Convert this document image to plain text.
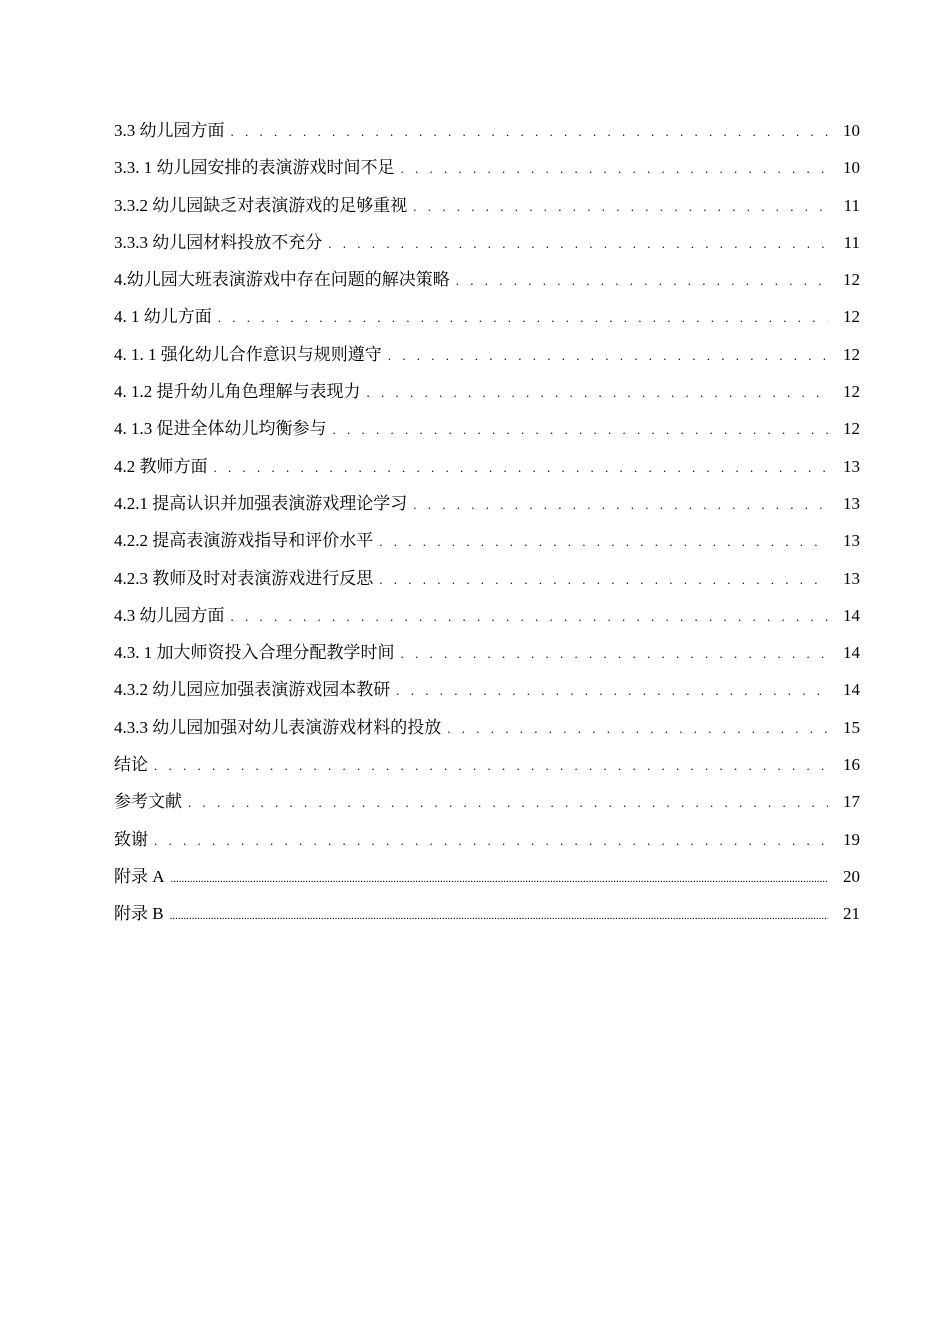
3.3 幼儿园方面 . . .	10
3.3. 1 幼儿园安排的表演游戏时间不足 . . .	10
3.3.2 幼儿园缺乏对表演游戏的足够重视 . . .	11
3.3.3 幼儿园材料投放不充分 . . .	11
4.幼儿园大班表演游戏中存在问题的解决策略 . . .	12
4. 1 幼儿方面 . . .	12
4. 1. 1 强化幼儿合作意识与规则遵守 . . .	12
4. 1.2 提升幼儿角色理解与表现力 . . .	12
4. 1.3 促进全体幼儿均衡参与 . . .	12
4.2 教师方面 . . .	13
4.2.1 提高认识并加强表演游戏理论学习 . . .	13
4.2.2 提高表演游戏指导和评价水平 . . .	13
4.2.3 教师及时对表演游戏进行反思 . . .	13
4.3 幼儿园方面 . . .	14
4.3. 1 加大师资投入合理分配教学时间 . . .	14
4.3.2 幼儿园应加强表演游戏园本教研 . . .	14
4.3.3 幼儿园加强对幼儿表演游戏材料的投放 . . .	15
结论 . . .	16
参考文献 . . .	17
致谢 . . .	19
附录 A .....	20
附录 B .....	21
